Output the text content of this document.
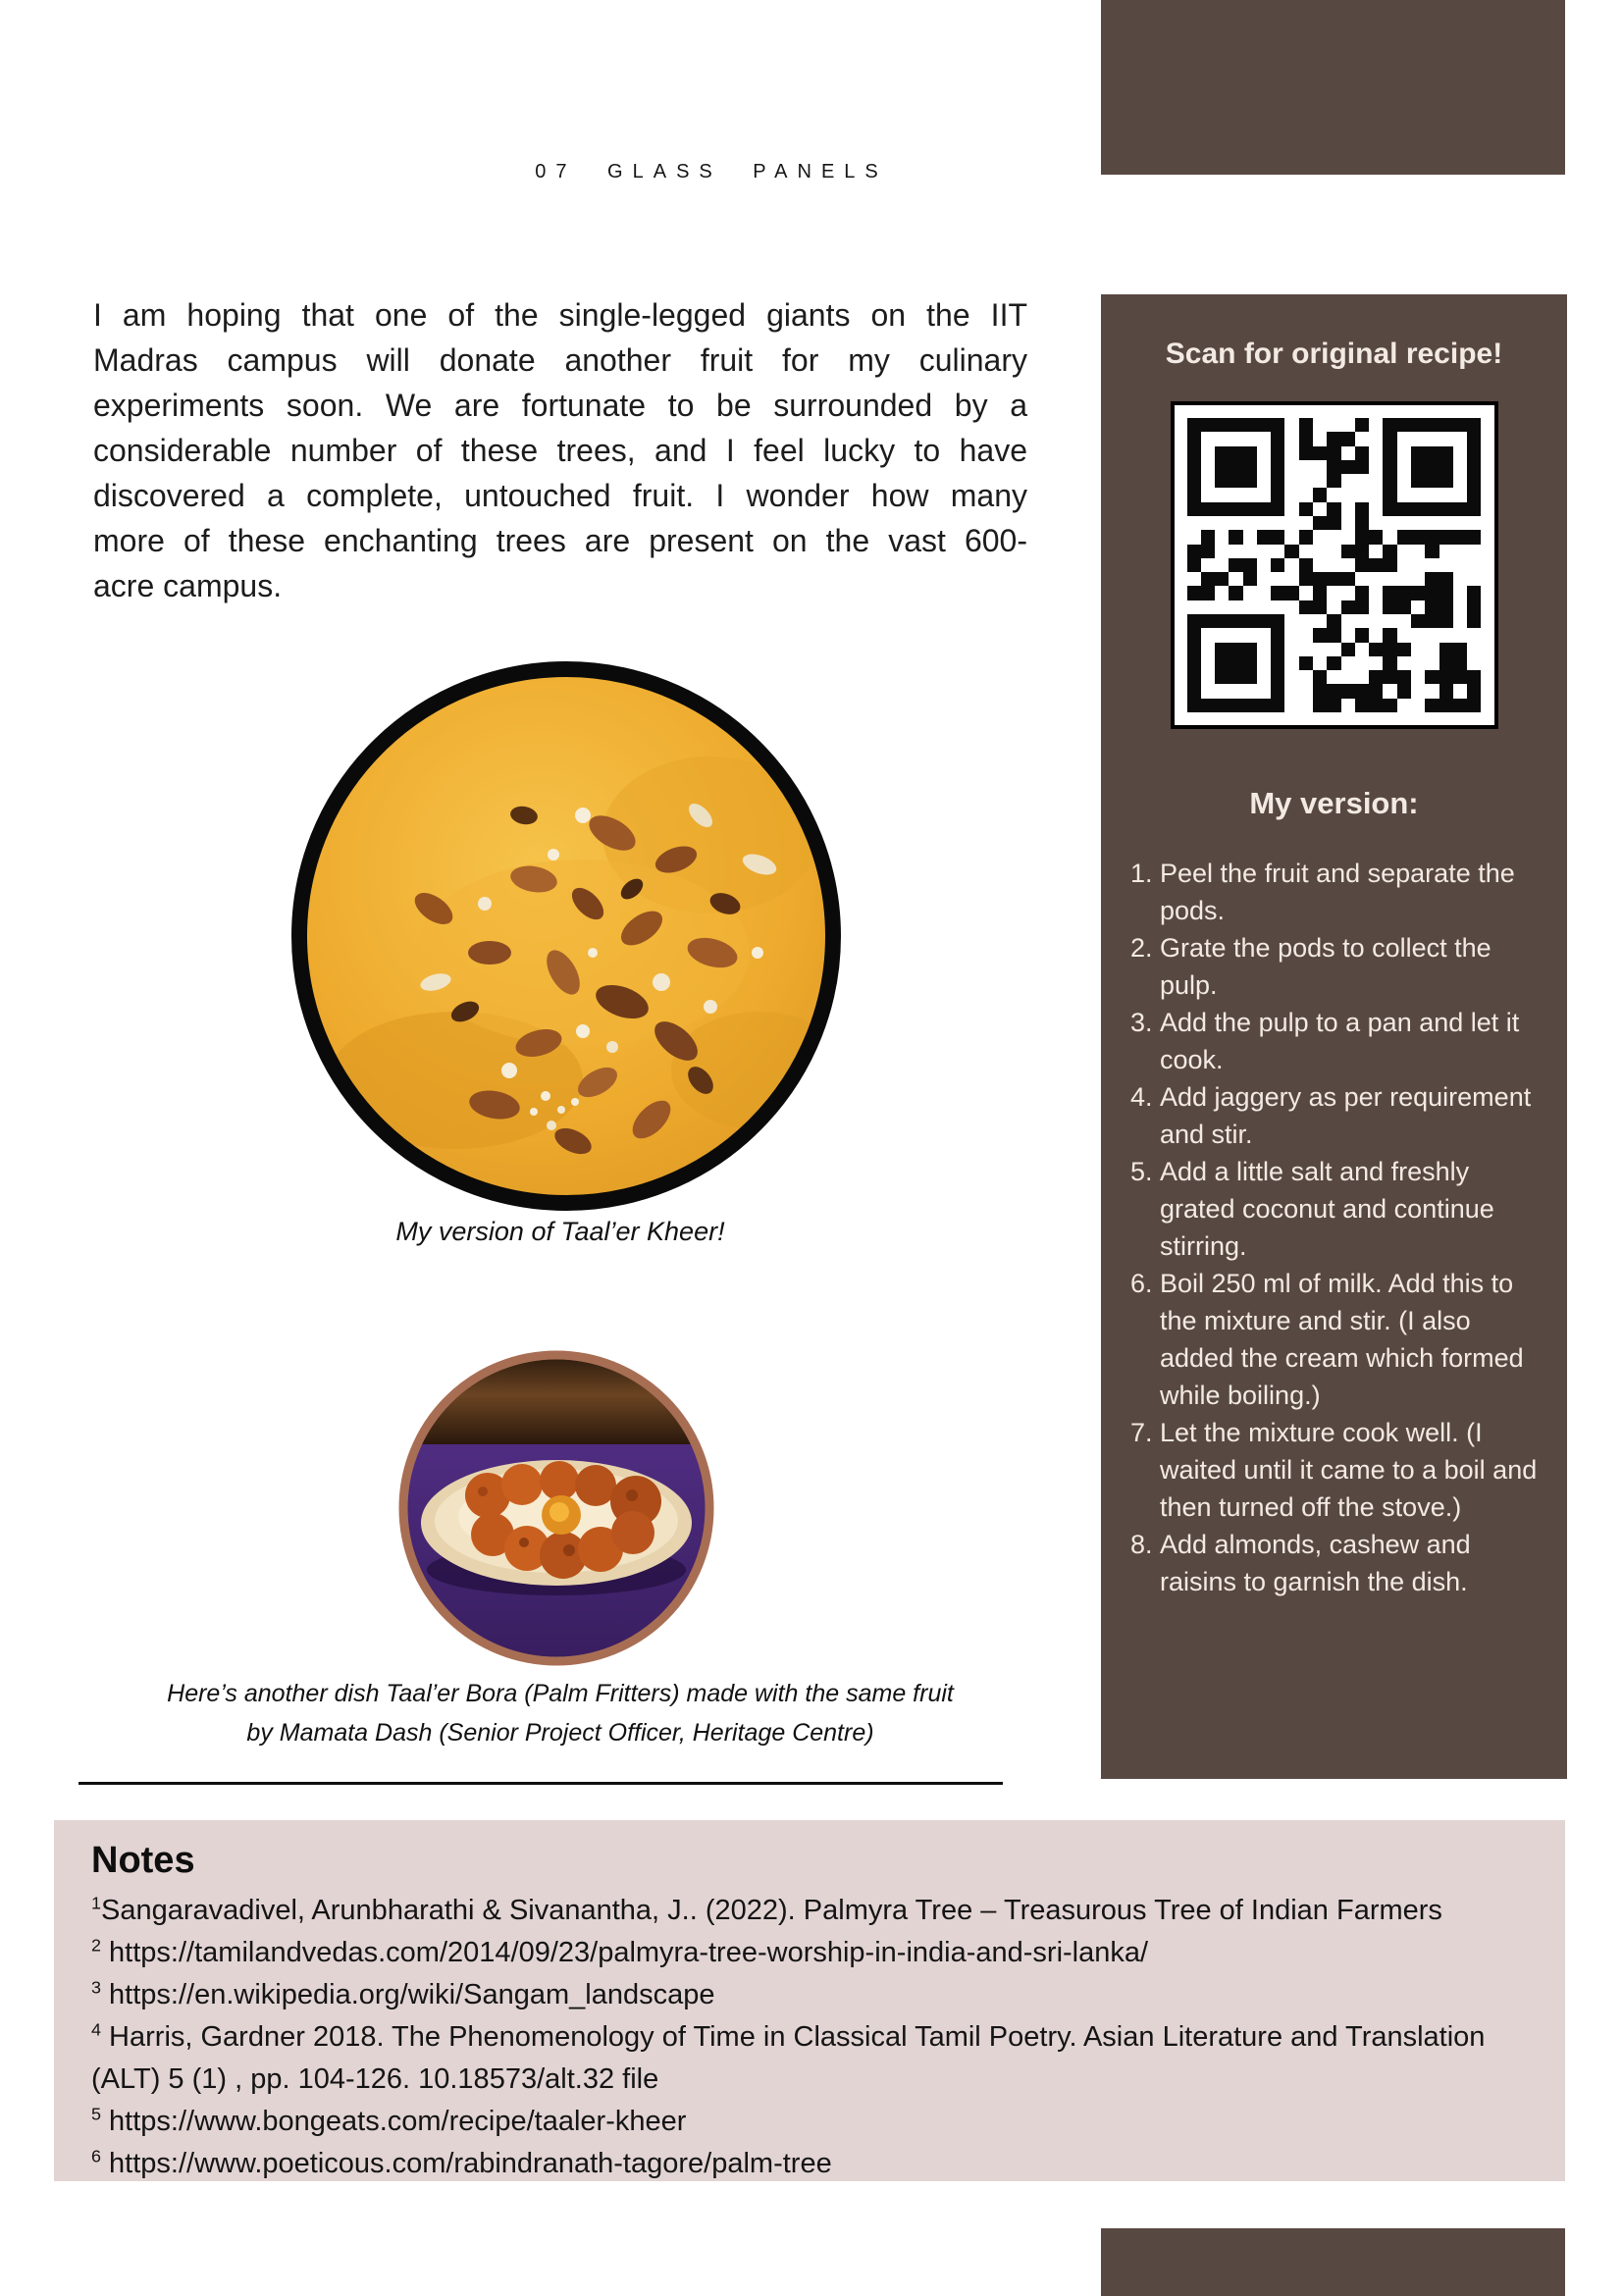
07 GLASS PANELS
I am hoping that one of the single-legged giants on the IIT
Madras campus will donate another fruit for my culinary
experiments soon. We are fortunate to be surrounded by a
considerable number of these trees, and I feel lucky to have
discovered a complete, untouched fruit. I wonder how many
more of these enchanting trees are present on the vast 600-
acre campus.
My version of Taal’er Kheer!
Here’s another dish Taal’er Bora (Palm Fritters) made with the same fruit
by Mamata Dash (Senior Project Officer, Heritage Centre)
Notes
$^1$Sangaravadivel, Arunbharathi & Sivanantha, J.. (2022). Palmyra Tree – Treasurous Tree of Indian Farmers
$^2$ https://tamilandvedas.com/2014/09/23/palmyra-tree-worship-in-india-and-sri-lanka/
$^3$ https://en.wikipedia.org/wiki/Sangam_landscape
$^4$ Harris, Gardner 2018. The Phenomenology of Time in Classical Tamil Poetry. Asian Literature and Translation (ALT) 5 (1) , pp. 104-126. 10.18573/alt.32 file
$^5$ https://www.bongeats.com/recipe/taaler-kheer
$^6$ https://www.poeticous.com/rabindranath-tagore/palm-tree
Scan for original recipe!
My version:
1. Peel the fruit and separate the pods.
2. Grate the pods to collect the pulp.
3. Add the pulp to a pan and let it cook.
4. Add jaggery as per requirement and stir.
5. Add a little salt and freshly grated coconut and continue stirring.
6. Boil 250 ml of milk. Add this to the mixture and stir. (I also added the cream which formed while boiling.)
7. Let the mixture cook well. (I waited until it came to a boil and then turned off the stove.)
8. Add almonds, cashew and raisins to garnish the dish.
